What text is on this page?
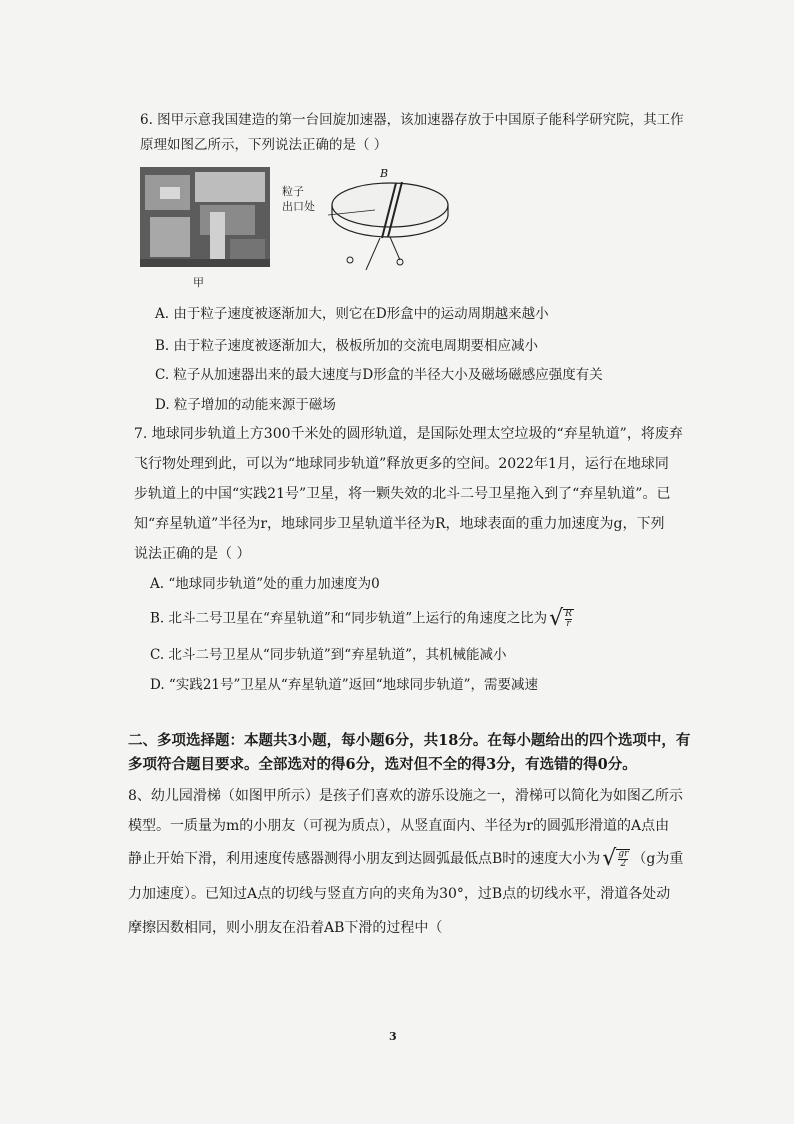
6. 图甲示意我国建造的第一台回旋加速器，该加速器存放于中国原子能科学研究院，其工作
原理如图乙所示，下列说法正确的是（ ）
甲
粒子
出口处
B
A. 由于粒子速度被逐渐加大，则它在D形盒中的运动周期越来越小
B. 由于粒子速度被逐渐加大，极板所加的交流电周期要相应减小
C. 粒子从加速器出来的最大速度与D形盒的半径大小及磁场磁感应强度有关
D. 粒子增加的动能来源于磁场
7. 地球同步轨道上方300千米处的圆形轨道，是国际处理太空垃圾的“弃星轨道”，将废弃
飞行物处理到此，可以为“地球同步轨道”释放更多的空间。2022年1月，运行在地球同
步轨道上的中国“实践21号”卫星，将一颗失效的北斗二号卫星拖入到了“弃星轨道”。已
知“弃星轨道”半径为r，地球同步卫星轨道半径为R，地球表面的重力加速度为g，下列
说法正确的是（ ）
A. “地球同步轨道”处的重力加速度为0
B. 北斗二号卫星在“弃星轨道”和“同步轨道”上运行的角速度之比为√ $\frac{R}{r}$
C. 北斗二号卫星从“同步轨道”到“弃星轨道”，其机械能减小
D. “实践21号”卫星从“弃星轨道”返回“地球同步轨道”，需要减速
二、多项选择题：本题共3小题，每小题6分，共18分。在每小题给出的四个选项中，有
多项符合题目要求。全部选对的得6分，选对但不全的得3分，有选错的得0分。
8、幼儿园滑梯（如图甲所示）是孩子们喜欢的游乐设施之一，滑梯可以简化为如图乙所示
模型。一质量为m的小朋友（可视为质点），从竖直面内、半径为r的圆弧形滑道的A点由
静止开始下滑，利用速度传感器测得小朋友到达圆弧最低点B时的速度大小为√ $\frac{gr}{2} (g$为重
力加速度）。已知过A点的切线与竖直方向的夹角为30°，过B点的切线水平，滑道各处动
摩擦因数相同，则小朋友在沿着AB下滑的过程中（
3
